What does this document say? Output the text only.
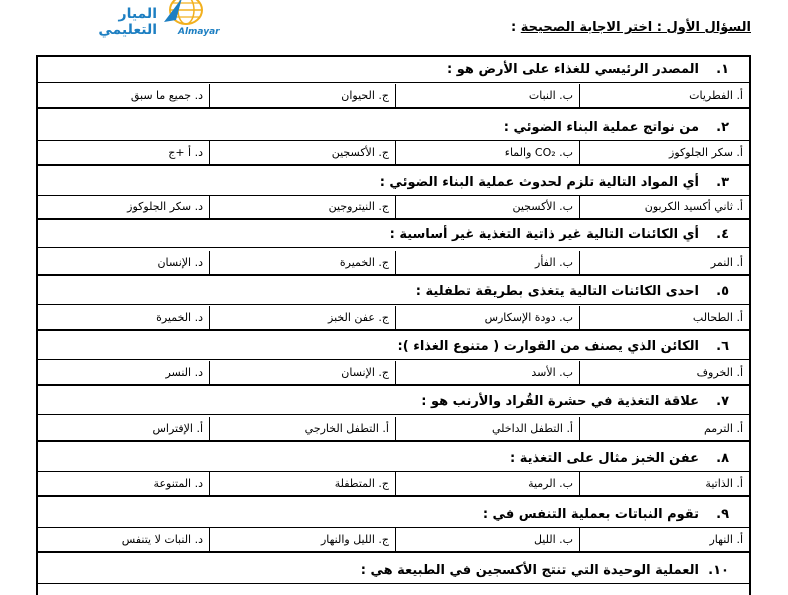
الميار التعليمي Almayar	السؤال الأول : اختر الاجابة الصحيحة :
١.المصدر الرئيسي للغذاء على الأرض هو :
أ. الفطريات
ب. النبات
ج. الحيوان
د. جميع ما سبق
٢.من نواتج عملية البناء الضوئي :
أ. سكر الجلوكوز
ب. CO₂ والماء
ج. الأكسجين
د. أ +ج
٣.أي المواد التالية تلزم لحدوث عملية البناء الضوئي :
أ. ثاني أكسيد الكربون
ب. الأكسجين
ج. النيتروجين
د. سكر الجلوكوز
٤.أي الكائنات التالية غير ذاتية التغذية غير أساسية :
أ. النمر
ب. الفأر
ج. الخميرة
د. الإنسان
٥.احدى الكائنات التالية يتغذى بطريقة تطفلية :
أ. الطحالب
ب. دودة الإسكارس
ج. عفن الخبز
د. الخميرة
٦.الكائن الذي يصنف من القوارت ( متنوع الغذاء ):
أ. الخروف
ب. الأسد
ج. الإنسان
د. النسر
٧.علاقة التغذية في حشرة القُراد والأرنب هو :
أ. الترمم
أ. التطفل الداخلي
أ. التطفل الخارجي
أ. الإفتراس
٨.عفن الخبز مثال على التغذية :
أ. الذاتية
ب. الرمية
ج. المتطفلة
د. المتنوعة
٩.تقوم النباتات بعملية التنفس في :
أ. النهار
ب. الليل
ج. الليل والنهار
د. النبات لا يتنفس
١٠.العملية الوحيدة التي تنتج الأكسجين في الطبيعة هي :
